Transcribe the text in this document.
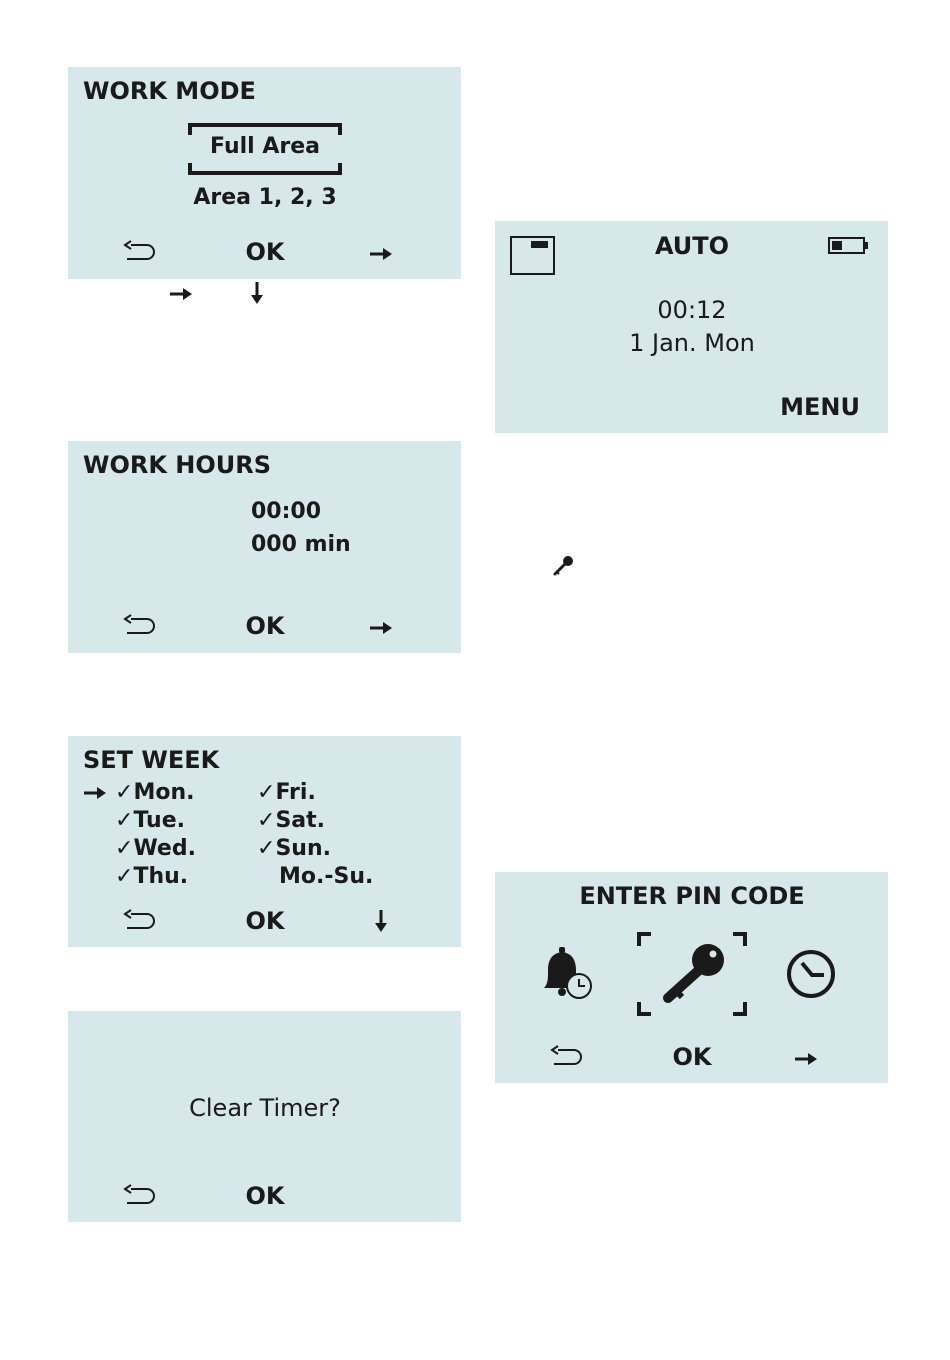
WORK MODE
Full Area
Area 1, 2, 3
OK
WORK HOURS
00:00
000 min
OK
SET WEEK
✓Mon.
✓Tue.
✓Wed.
✓Thu.
✓Fri.
✓Sat.
✓Sun.
Mo.-Su.
OK
Clear Timer?
OK
AUTO
00:12
1 Jan. Mon
MENU
ENTER PIN CODE
OK
